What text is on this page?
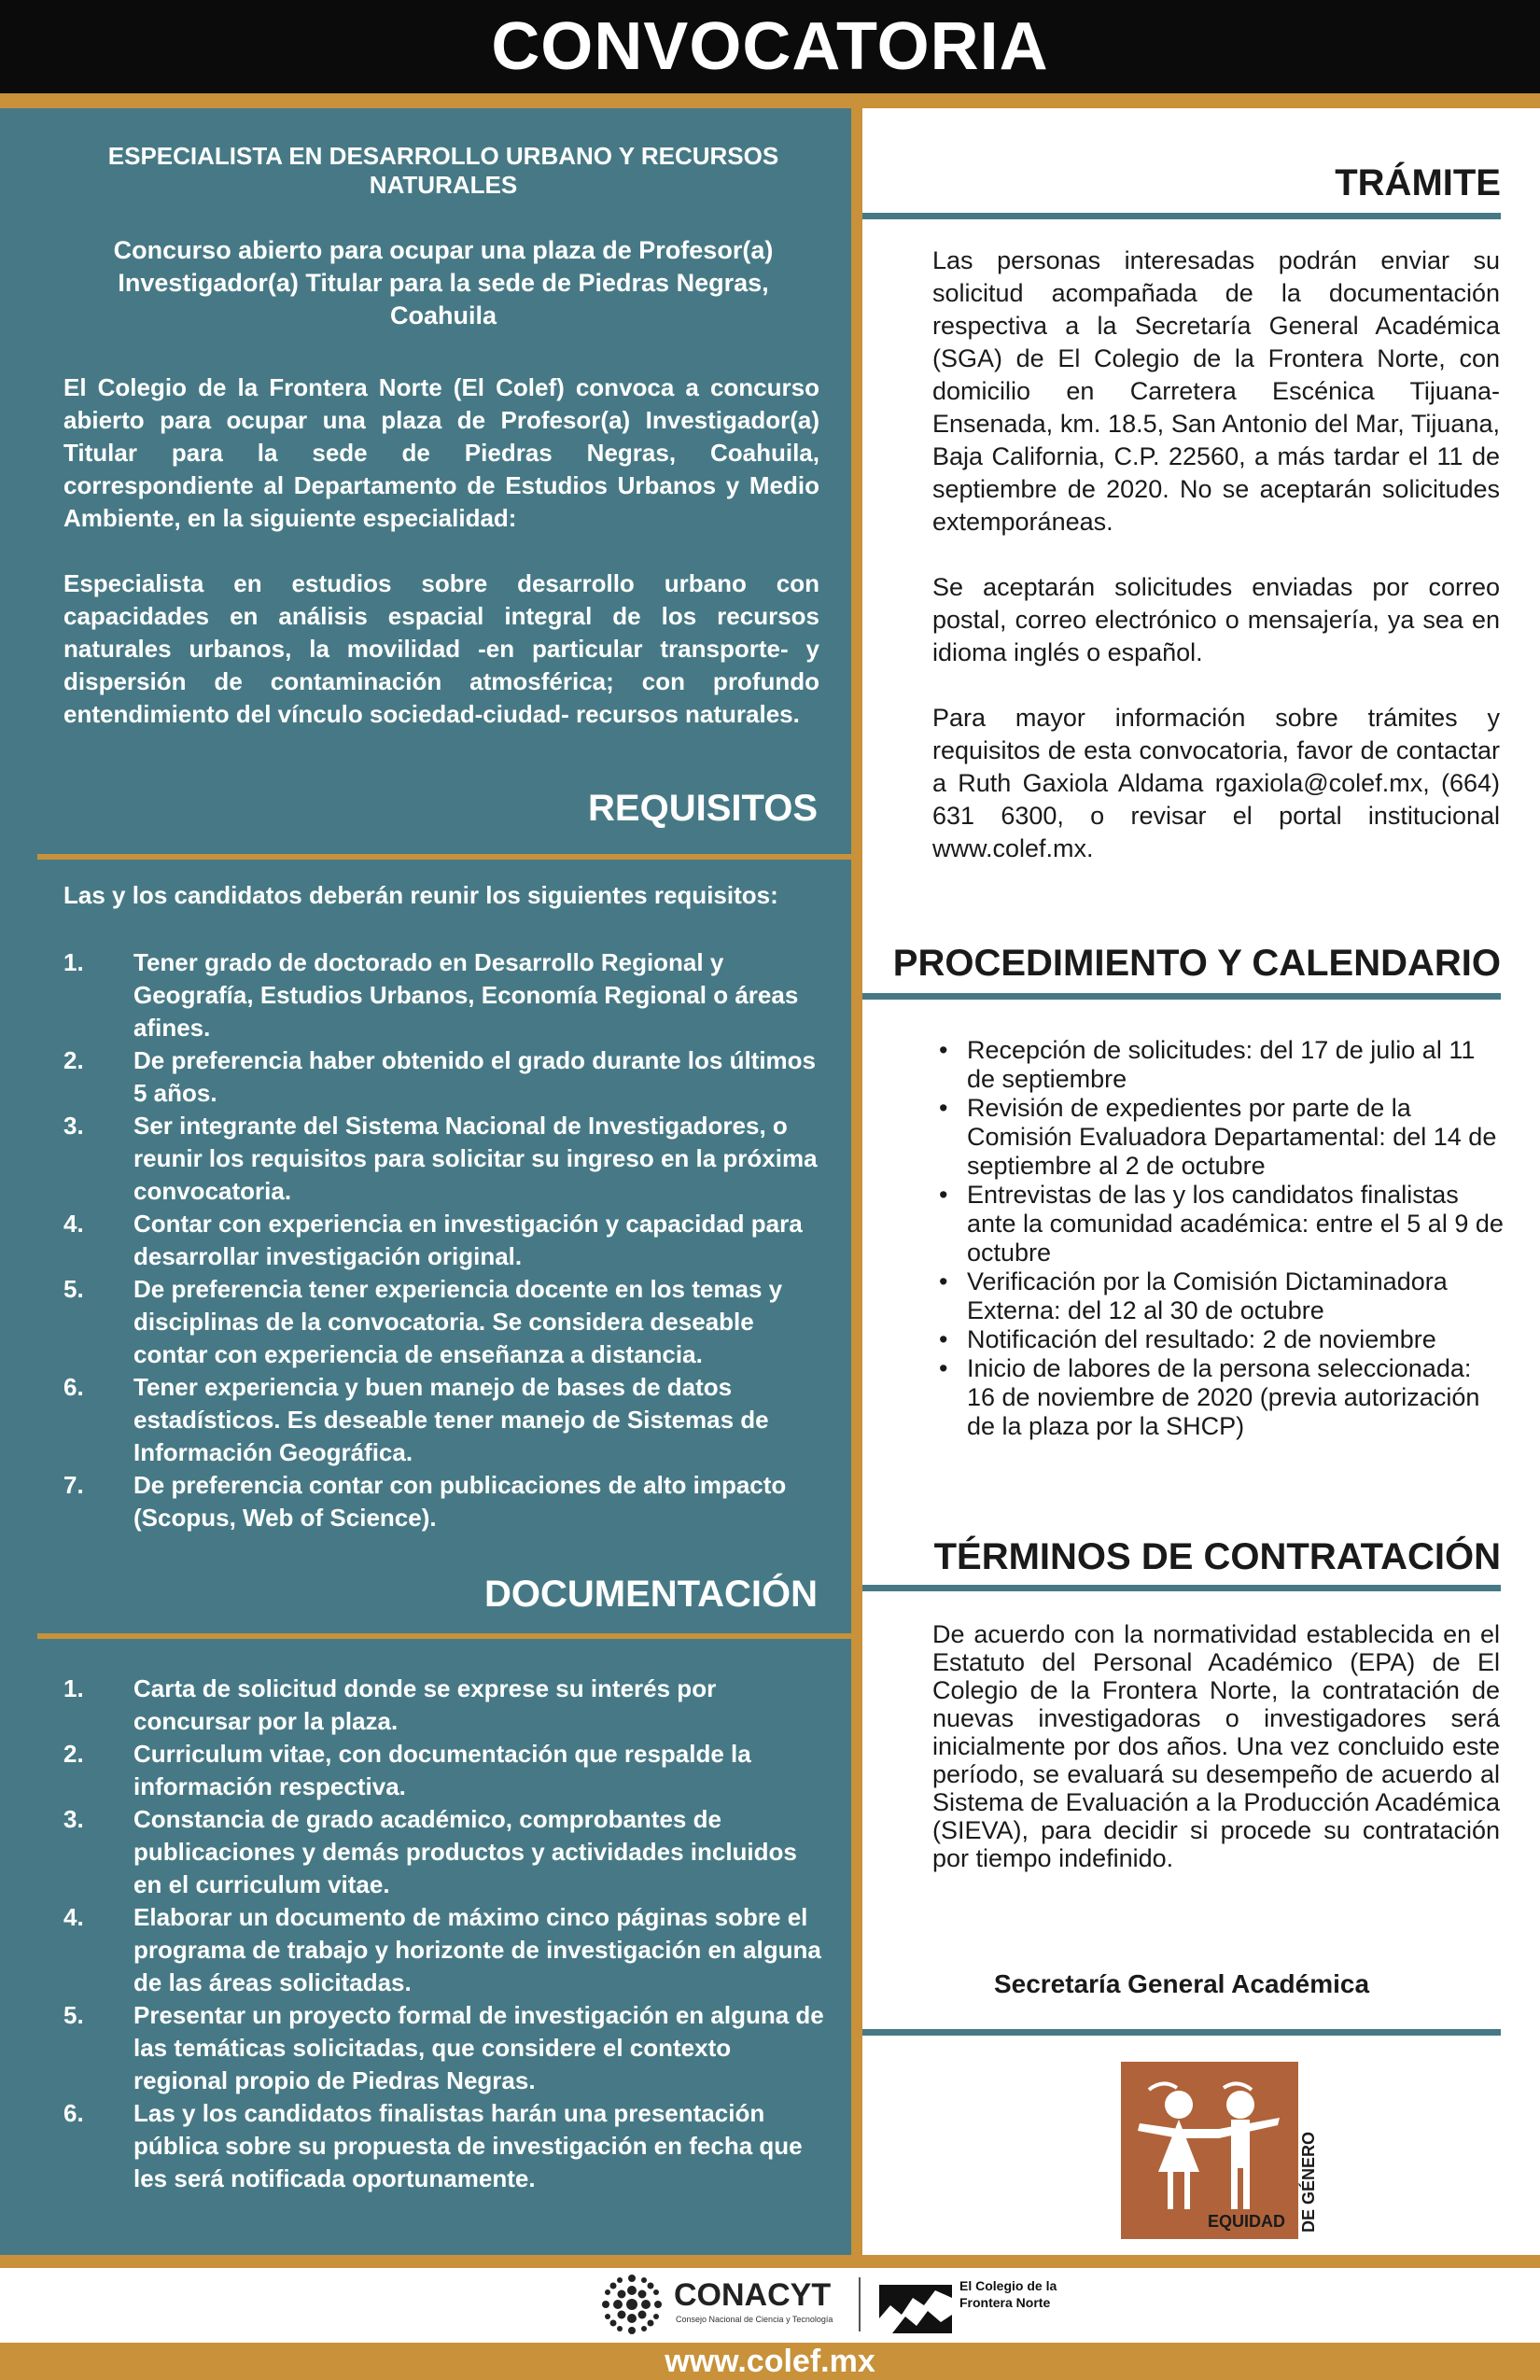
CONVOCATORIA
ESPECIALISTA EN DESARROLLO URBANO Y RECURSOS NATURALES
Concurso abierto para ocupar una plaza de Profesor(a) Investigador(a) Titular para la sede de Piedras Negras, Coahuila
El Colegio de la Frontera Norte (El Colef) convoca a concurso abierto para ocupar una plaza de Profesor(a) Investigador(a) Titular para la sede de Piedras Negras, Coahuila, correspondiente al Departamento de Estudios Urbanos y Medio Ambiente, en la siguiente especialidad:
Especialista en estudios sobre desarrollo urbano con capacidades en análisis espacial integral de los recursos naturales urbanos, la movilidad -en particular transporte- y dispersión de contaminación atmosférica; con profundo entendimiento del vínculo sociedad-ciudad- recursos naturales.
REQUISITOS
Las y los candidatos deberán reunir los siguientes requisitos:
1. Tener grado de doctorado en Desarrollo Regional y Geografía, Estudios Urbanos, Economía Regional o áreas afines.
2. De preferencia haber obtenido el grado durante los últimos 5 años.
3. Ser integrante del Sistema Nacional de Investigadores, o reunir los requisitos para solicitar su ingreso en la próxima convocatoria.
4. Contar con experiencia en investigación y capacidad para desarrollar investigación original.
5. De preferencia tener experiencia docente en los temas y disciplinas de la convocatoria. Se considera deseable contar con experiencia de enseñanza a distancia.
6. Tener experiencia y buen manejo de bases de datos estadísticos. Es deseable tener manejo de Sistemas de Información Geográfica.
7. De preferencia contar con publicaciones de alto impacto (Scopus, Web of Science).
DOCUMENTACIÓN
1. Carta de solicitud donde se exprese su interés por concursar por la plaza.
2. Curriculum vitae, con documentación que respalde la información respectiva.
3. Constancia de grado académico, comprobantes de publicaciones y demás productos y actividades incluidos en el curriculum vitae.
4. Elaborar un documento de máximo cinco páginas sobre el programa de trabajo y horizonte de investigación en alguna de las áreas solicitadas.
5. Presentar un proyecto formal de investigación en alguna de las temáticas solicitadas, que considere el contexto regional propio de Piedras Negras.
6. Las y los candidatos finalistas harán una presentación pública sobre su propuesta de investigación en fecha que les será notificada oportunamente.
TRÁMITE
Las personas interesadas podrán enviar su solicitud acompañada de la documentación respectiva a la Secretaría General Académica (SGA) de El Colegio de la Frontera Norte, con domicilio en Carretera Escénica Tijuana-Ensenada, km. 18.5, San Antonio del Mar, Tijuana, Baja California, C.P. 22560, a más tardar el 11 de septiembre de 2020. No se aceptarán solicitudes extemporáneas.
Se aceptarán solicitudes enviadas por correo postal, correo electrónico o mensajería, ya sea en idioma inglés o español.
Para mayor información sobre trámites y requisitos de esta convocatoria, favor de contactar a Ruth Gaxiola Aldama rgaxiola@colef.mx, (664) 631 6300, o revisar el portal institucional www.colef.mx.
PROCEDIMIENTO Y CALENDARIO
• Recepción de solicitudes: del 17 de julio al 11 de septiembre
• Revisión de expedientes por parte de la Comisión Evaluadora Departamental: del 14 de septiembre al 2 de octubre
• Entrevistas de las y los candidatos finalistas ante la comunidad académica: entre el 5 al 9 de octubre
• Verificación por la Comisión Dictaminadora Externa: del 12 al 30 de octubre
• Notificación del resultado: 2 de noviembre
• Inicio de labores de la persona seleccionada: 16 de noviembre de 2020 (previa autorización de la plaza por la SHCP)
TÉRMINOS DE CONTRATACIÓN
De acuerdo con la normatividad establecida en el Estatuto del Personal Académico (EPA) de El Colegio de la Frontera Norte, la contratación de nuevas investigadoras o investigadores será inicialmente por dos años. Una vez concluido este período, se evaluará su desempeño de acuerdo al Sistema de Evaluación a la Producción Académica (SIEVA), para decidir si procede su contratación por tiempo indefinido.
Secretaría General Académica
EQUIDAD DE GÉNERO
CONACYT
Consejo Nacional de Ciencia y Tecnología
El Colegio de la Frontera Norte
www.colef.mx
